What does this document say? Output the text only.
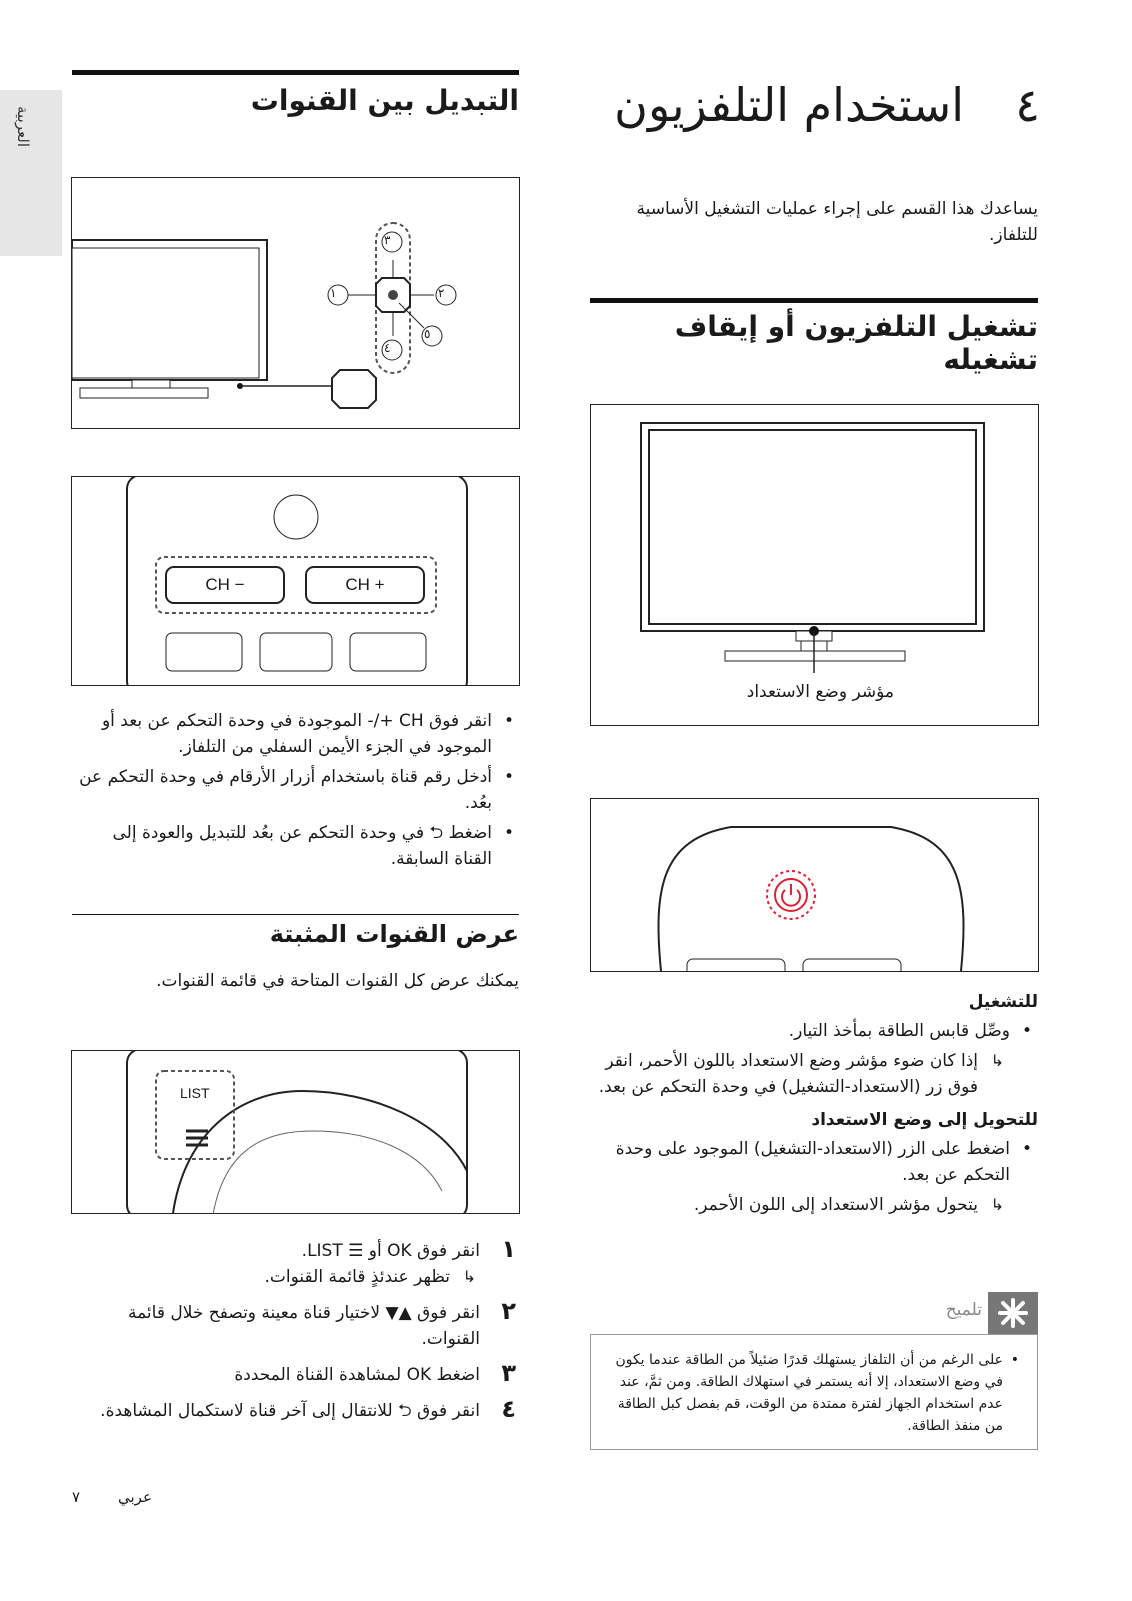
العربية	٤
استخدام التلفزيون
يساعدك هذا القسم على إجراء عمليات التشغيل الأساسية للتلفاز.
تشغيل التلفزيون أو إيقاف تشغيله
مؤشر وضع الاستعداد
للتشغيل
• وصِّل قابس الطاقة بمأخذ التيار.
↳
إذا كان ضوء مؤشر وضع الاستعداد باللون الأحمر، انقر فوق زر (الاستعداد-التشغيل) في وحدة التحكم عن بعد.
للتحويل إلى وضع الاستعداد
• اضغط على الزر (الاستعداد-التشغيل) الموجود على وحدة التحكم عن بعد.
↳
يتحول مؤشر الاستعداد إلى اللون الأحمر.
تلميح
• على الرغم من أن التلفاز يستهلك قدرًا ضئيلاً من الطاقة عندما يكون في وضع الاستعداد، إلا أنه يستمر في استهلاك الطاقة. ومن ثمَّ، عند عدم استخدام الجهاز لفترة ممتدة من الوقت، قم بفصل كبل الطاقة من منفذ الطاقة.
التبديل بين القنوات
٣
١	٢
٤
٥
CH −	CH +
• انقر فوق CH +/- الموجودة في وحدة التحكم عن بعد أو الموجود في الجزء الأيمن السفلي من التلفاز.
• أدخل رقم قناة باستخدام أزرار الأرقام في وحدة التحكم عن بعُد.
• اضغط ⮌ في وحدة التحكم عن بعُد للتبديل والعودة إلى القناة السابقة.
عرض القنوات المثبتة
يمكنك عرض كل القنوات المتاحة في قائمة القنوات.
LIST
١
انقر فوق OK أو ☰ LIST.
↳
تظهر عندئذٍ قائمة القنوات.
٢
انقر فوق ▲▼ لاختيار قناة معينة وتصفح خلال قائمة القنوات.
٣
اضغط OK لمشاهدة القناة المحددة
٤
انقر فوق ⮌ للانتقال إلى آخر قناة لاستكمال المشاهدة.
٧	عربي
